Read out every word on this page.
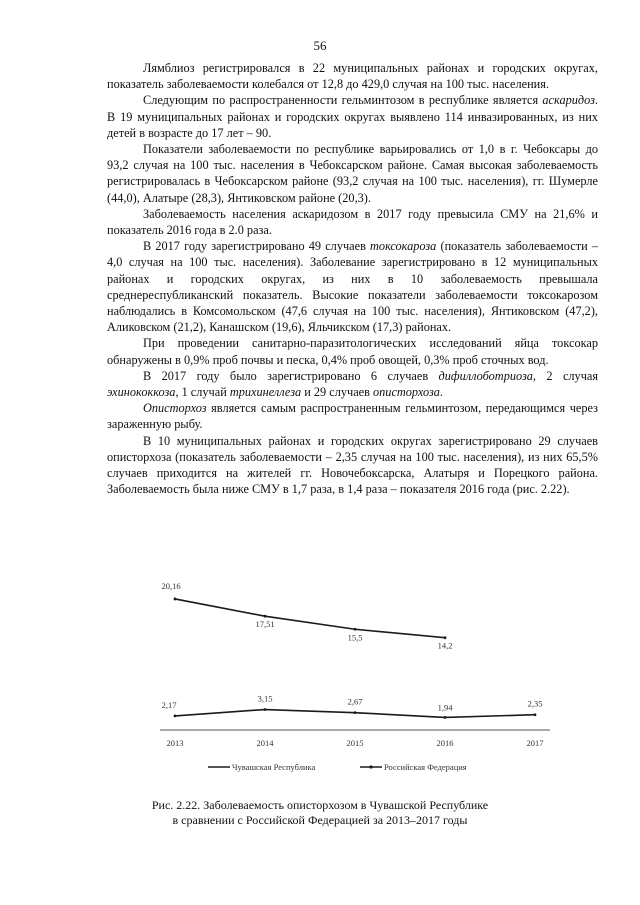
56

Лямблиоз регистрировался в 22 муниципальных районах и городских округах, показатель заболеваемости колебался от 12,8 до 429,0 случая на 100 тыс. населения.

Следующим по распространенности гельминтозом в республике является аскаридоз. В 19 муниципальных районах и городских округах выявлено 114 инвазированных, из них детей в возрасте до 17 лет – 90.

Показатели заболеваемости по республике варьировались от 1,0 в г. Чебоксары до 93,2 случая на 100 тыс. населения в Чебоксарском районе. Самая высокая заболеваемость регистрировалась в Чебоксарском районе (93,2 случая на 100 тыс. населения), гг. Шумерле (44,0), Алатыре (28,3), Янтиковском районе (20,3).

Заболеваемость населения аскаридозом в 2017 году превысила СМУ на 21,6% и показатель 2016 года в 2.0 раза.

В 2017 году зарегистрировано 49 случаев токсокароза (показатель заболеваемости – 4,0 случая на 100 тыс. населения). Заболевание зарегистрировано в 12 муниципальных районах и городских округах, из них в 10 заболеваемость превышала среднереспубликанский показатель. Высокие показатели заболеваемости токсокарозом наблюдались в Комсомольском (47,6 случая на 100 тыс. населения), Янтиковском (47,2), Аликовском (21,2), Канашском (19,6), Яльчикском (17,3) районах.

При проведении санитарно-паразитологических исследований яйца токсокар обнаружены в 0,9% проб почвы и песка, 0,4% проб овощей, 0,3% проб сточных вод.

В 2017 году было зарегистрировано 6 случаев дифиллоботриоза, 2 случая эхинококкоза, 1 случай трихинеллеза и 29 случаев описторхоза.

Описторхоз является самым распространенным гельминтозом, передающимся через зараженную рыбу.

В 10 муниципальных районах и городских округах зарегистрировано 29 случаев описторхоза (показатель заболеваемости – 2,35 случая на 100 тыс. населения), из них 65,5% случаев приходится на жителей гг. Новочебоксарска, Алатыря и Порецкого района. Заболеваемость была ниже СМУ в 1,7 раза, в 1,4 раза – показателя 2016 года (рис. 2.22).

2013	2014	2015	2016	2017
20,16
17,51
15,5
14,2
2,17
3,15	2,67
1,94	2,35
Чувашская Республика	Российская Федерация
Рис. 2.22. Заболеваемость описторхозом в Чувашской Республике
в сравнении с Российской Федерацией за 2013–2017 годы
